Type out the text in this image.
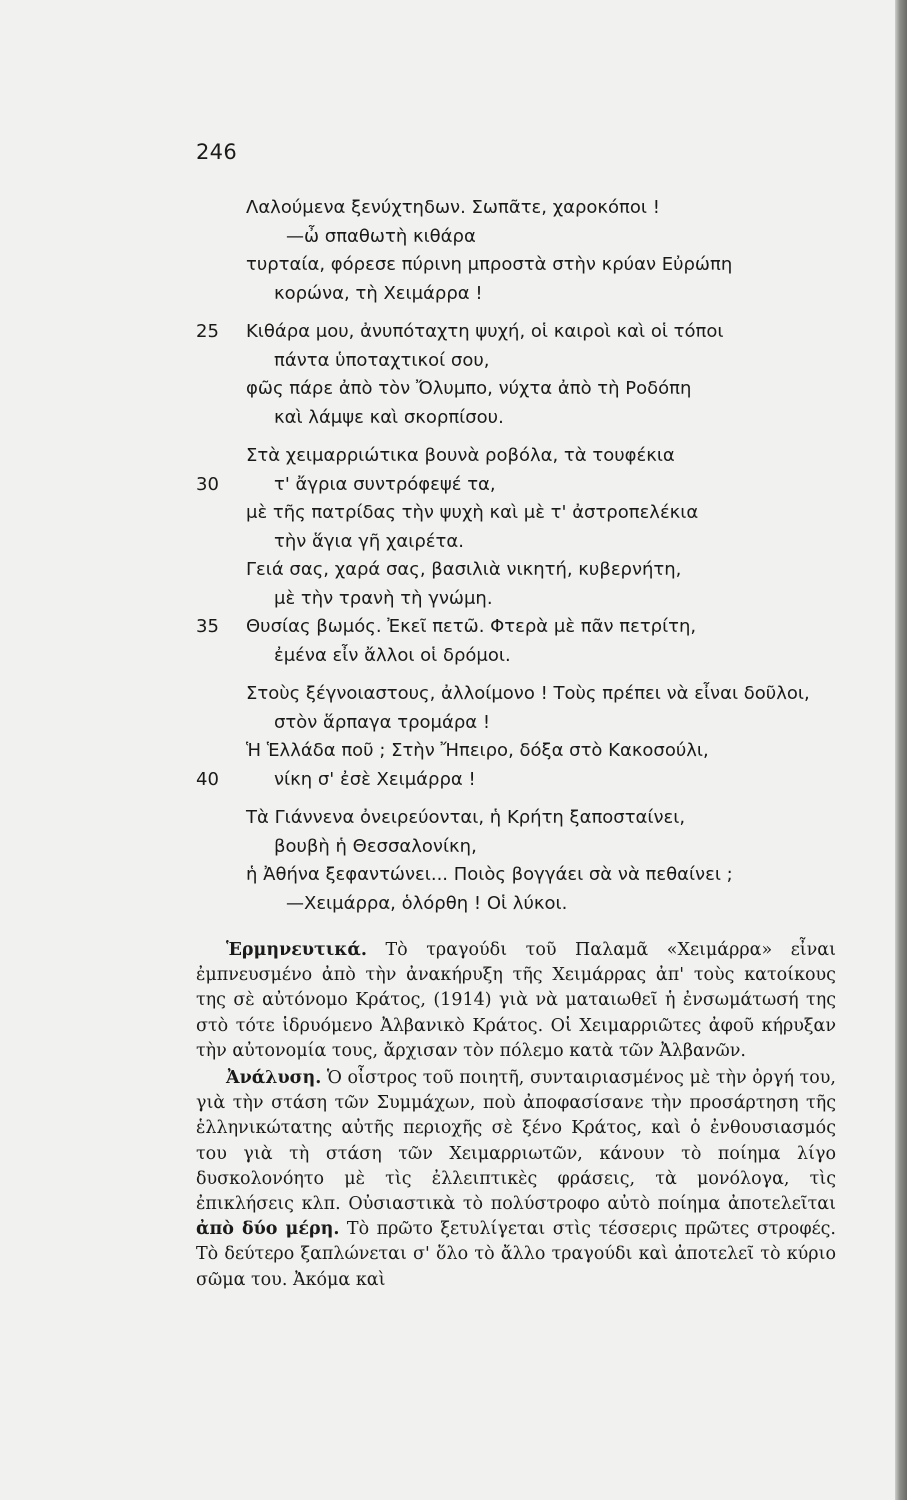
246
Λαλούμενα ξενύχτηδων. Σωπᾶτε, χαροκόποι !
—ὦ σπαθωτὴ κιθάρα
τυρταία, φόρεσε πύρινη μπροστὰ στὴν κρύαν Εὐρώπη
κορώνα, τὴ Χειμάρρα !
25 Κιθάρα μου, ἀνυπόταχτη ψυχή, οἱ καιροὶ καὶ οἱ τόποι
πάντα ὑποταχτικοί σου,
φῶς πάρε ἀπὸ τὸν Ὄλυμπο, νύχτα ἀπὸ τὴ Ροδόπη
καὶ λάμψε καὶ σκορπίσου.
Στὰ χειμαρριώτικα βουνὰ ροβόλα, τὰ τουφέκια
30	τ' ἄγρια συντρόφεψέ τα,
μὲ τῆς πατρίδας τὴν ψυχὴ καὶ μὲ τ' ἀστροπελέκια
τὴν ἅγια γῆ χαιρέτα.
Γειά σας, χαρά σας, βασιλιὰ νικητή, κυβερνήτη,
μὲ τὴν τρανὴ τὴ γνώμη.
35 Θυσίας βωμός. Ἐκεῖ πετῶ. Φτερὰ μὲ πᾶν πετρίτη,
ἐμένα εἶν ἄλλοι οἱ δρόμοι.
Στοὺς ξέγνοιαστους, ἀλλοίμονο ! Τοὺς πρέπει νὰ εἶναι δοῦλοι,
στὸν ἅρπαγα τρομάρα !
Ἡ Ἑλλάδα ποῦ ; Στὴν Ἤπειρο, δόξα στὸ Κακοσούλι,
40	νίκη σ' ἐσὲ Χειμάρρα !
Τὰ Γιάννενα ὀνειρεύονται, ἡ Κρήτη ξαποσταίνει,
βουβὴ ἡ Θεσσαλονίκη,
ἡ Ἀθήνα ξεφαντώνει... Ποιὸς βογγάει σὰ νὰ πεθαίνει ;
—Χειμάρρα, ὁλόρθη ! Οἱ λύκοι.

Ἑρμηνευτικά. Τὸ τραγούδι τοῦ Παλαμᾶ «Χειμάρρα» εἶναι ἐμπνευσμένο ἀπὸ τὴν ἀνακήρυξη τῆς Χειμάρρας ἀπ' τοὺς κατοίκους της σὲ αὐτόνομο Κράτος, (1914) γιὰ νὰ ματαιωθεῖ ἡ ἐνσωμάτωσή της στὸ τότε ἱδρυόμενο Ἀλβανικὸ Κράτος. Οἱ Χειμαρριῶτες ἀφοῦ κήρυξαν τὴν αὐτονομία τους, ἄρχισαν τὸν πόλεμο κατὰ τῶν Ἀλβανῶν.

Ἀνάλυση. Ὁ οἶστρος τοῦ ποιητῆ, συνταιριασμένος μὲ τὴν ὀργή του, γιὰ τὴν στάση τῶν Συμμάχων, ποὺ ἀποφασίσανε τὴν προσάρτηση τῆς ἑλληνικώτατης αὐτῆς περιοχῆς σὲ ξένο Κράτος, καὶ ὁ ἐνθουσιασμός του γιὰ τὴ στάση τῶν Χειμαρριωτῶν, κάνουν τὸ ποίημα λίγο δυσκολονόητο μὲ τὶς ἐλλειπτικὲς φράσεις, τὰ μονόλογα, τὶς ἐπικλήσεις κλπ. Οὐσιαστικὰ τὸ πολύστροφο αὐτὸ ποίημα ἀποτελεῖται ἀπὸ δύο μέρη. Τὸ πρῶτο ξετυλίγεται στὶς τέσσερις πρῶτες στροφές. Τὸ δεύτερο ξαπλώνεται σ' ὅλο τὸ ἄλλο τραγούδι καὶ ἀποτελεῖ τὸ κύριο σῶμα του. Ἀκόμα καὶ
